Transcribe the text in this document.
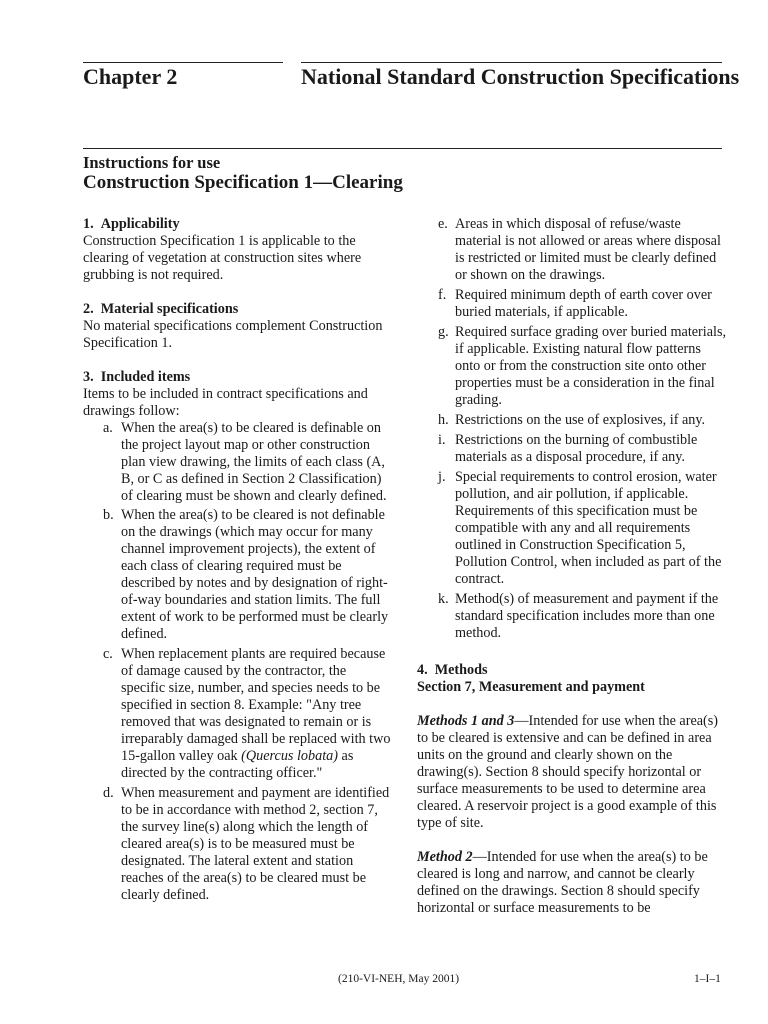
Chapter 2	National Standard Construction Specifications
Instructions for use
Construction Specification 1—Clearing

1. Applicability

Construction Specification 1 is applicable to the clearing of vegetation at construction sites where grubbing is not required.

2. Material specifications

No material specifications complement Construction Specification 1.

3. Included items

Items to be included in contract specifications and drawings follow:

a. When the area(s) to be cleared is definable on the project layout map or other construction plan view drawing, the limits of each class (A, B, or C as defined in Section 2 Classification) of clearing must be shown and clearly defined.
b. When the area(s) to be cleared is not definable on the drawings (which may occur for many channel improvement projects), the extent of each class of clearing required must be described by notes and by designation of right-of-way boundaries and station limits. The full extent of work to be performed must be clearly defined.
c. When replacement plants are required because of damage caused by the contractor, the specific size, number, and species needs to be specified in section 8. Example: "Any tree removed that was designated to remain or is irreparably damaged shall be replaced with two 15-gallon valley oak (Quercus lobata) as directed by the contracting officer."
d. When measurement and payment are identified to be in accordance with method 2, section 7, the survey line(s) along which the length of cleared area(s) is to be measured must be designated. The lateral extent and station reaches of the area(s) to be cleared must be clearly defined.
e. Areas in which disposal of refuse/waste material is not allowed or areas where disposal is restricted or limited must be clearly defined or shown on the drawings.
f. Required minimum depth of earth cover over buried materials, if applicable.
g. Required surface grading over buried materials, if applicable. Existing natural flow patterns onto or from the construction site onto other properties must be a consideration in the final grading.
h. Restrictions on the use of explosives, if any.
i. Restrictions on the burning of combustible materials as a disposal procedure, if any.
j. Special requirements to control erosion, water pollution, and air pollution, if applicable. Requirements of this specification must be compatible with any and all requirements outlined in Construction Specification 5, Pollution Control, when included as part of the contract.
k. Method(s) of measurement and payment if the standard specification includes more than one method.

4. Methods

Section 7, Measurement and payment

Methods 1 and 3—Intended for use when the area(s) to be cleared is extensive and can be defined in area units on the ground and clearly shown on the drawing(s). Section 8 should specify horizontal or surface measurements to be used to determine area cleared. A reservoir project is a good example of this type of site.

Method 2—Intended for use when the area(s) to be cleared is long and narrow, and cannot be clearly defined on the drawings. Section 8 should specify horizontal or surface measurements to be

(210-VI-NEH, May 2001)	1–I–1
